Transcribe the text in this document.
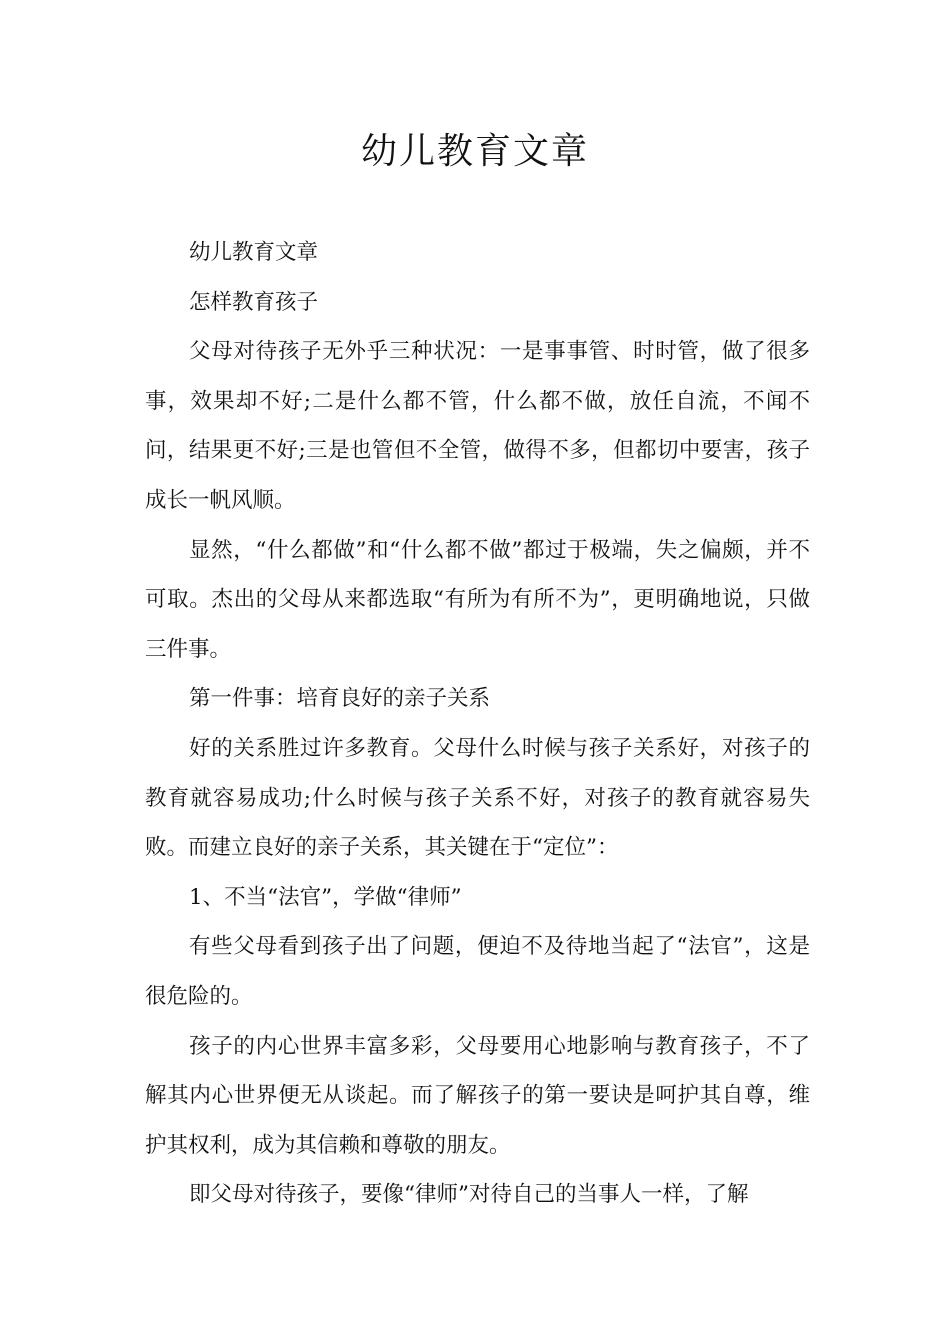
幼儿教育文章

幼儿教育文章

怎样教育孩子

父母对待孩子无外乎三种状况：一是事事管、时时管，做了很多事，效果却不好;二是什么都不管，什么都不做，放任自流，不闻不问，结果更不好;三是也管但不全管，做得不多，但都切中要害，孩子成长一帆风顺。

显然，“什么都做”和“什么都不做”都过于极端，失之偏颇，并不可取。杰出的父母从来都选取“有所为有所不为”，更明确地说，只做三件事。

第一件事：培育良好的亲子关系

好的关系胜过许多教育。父母什么时候与孩子关系好，对孩子的教育就容易成功;什么时候与孩子关系不好，对孩子的教育就容易失败。而建立良好的亲子关系，其关键在于“定位”：

1、不当“法官”，学做“律师”

有些父母看到孩子出了问题，便迫不及待地当起了“法官”，这是很危险的。

孩子的内心世界丰富多彩，父母要用心地影响与教育孩子，不了解其内心世界便无从谈起。而了解孩子的第一要诀是呵护其自尊，维护其权利，成为其信赖和尊敬的朋友。

即父母对待孩子，要像“律师”对待自己的当事人一样，了解
